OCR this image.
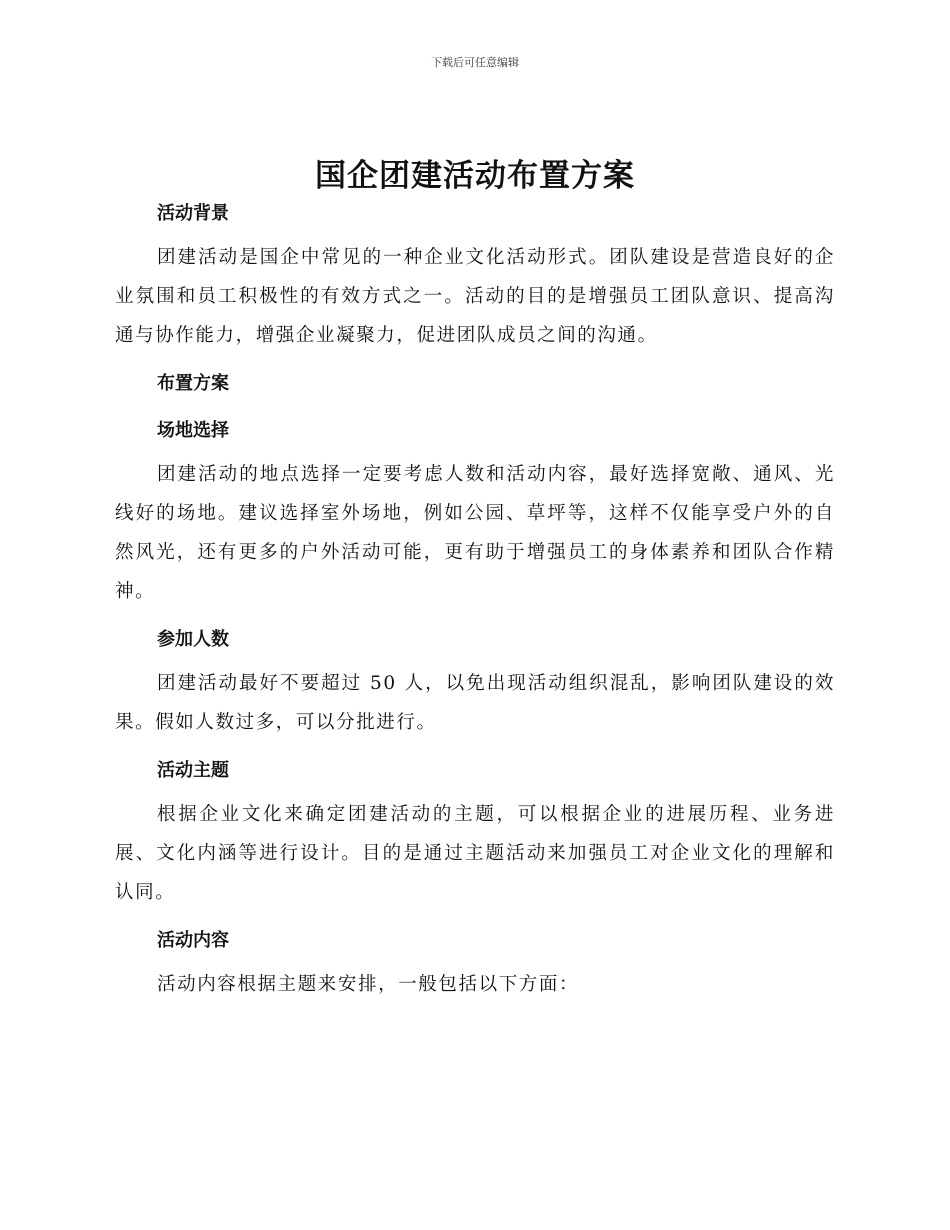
下载后可任意编辑
国企团建活动布置方案
活动背景

团建活动是国企中常见的一种企业文化活动形式。团队建设是营造良好的企业氛围和员工积极性的有效方式之一。活动的目的是增强员工团队意识、提高沟通与协作能力，增强企业凝聚力，促进团队成员之间的沟通。

布置方案
场地选择

团建活动的地点选择一定要考虑人数和活动内容，最好选择宽敞、通风、光线好的场地。建议选择室外场地，例如公园、草坪等，这样不仅能享受户外的自然风光，还有更多的户外活动可能，更有助于增强员工的身体素养和团队合作精神。

参加人数

团建活动最好不要超过 50 人，以免出现活动组织混乱，影响团队建设的效果。假如人数过多，可以分批进行。

活动主题

根据企业文化来确定团建活动的主题，可以根据企业的进展历程、业务进展、文化内涵等进行设计。目的是通过主题活动来加强员工对企业文化的理解和认同。

活动内容

活动内容根据主题来安排，一般包括以下方面：
